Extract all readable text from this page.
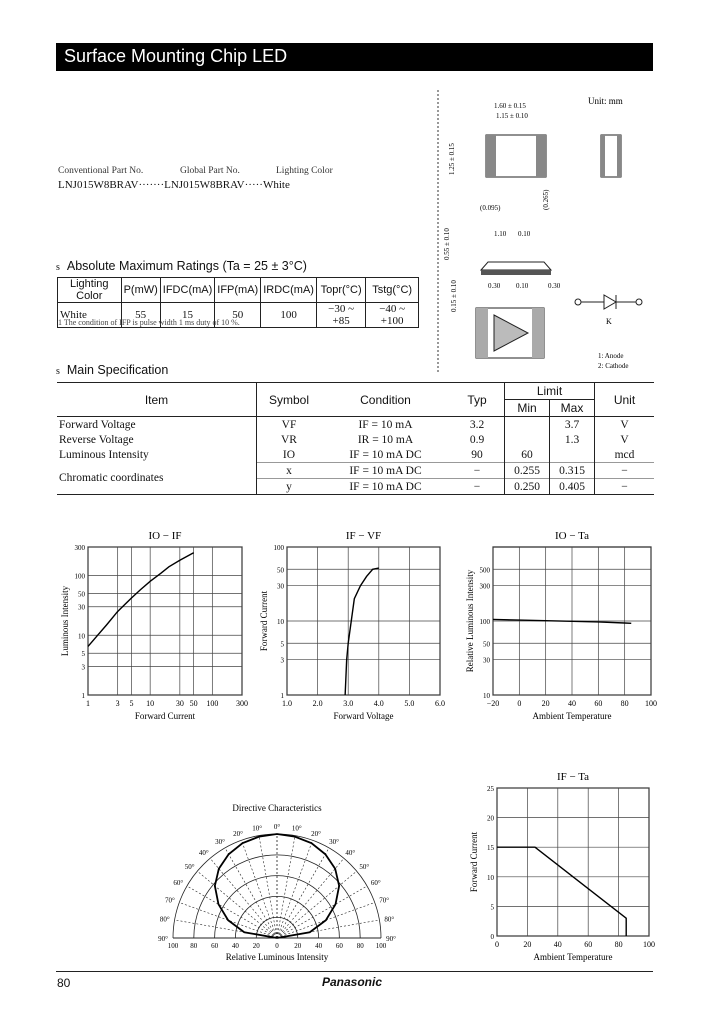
Surface Mounting Chip LED
Conventional Part No.	Global Part No.	Lighting Color
LNJ015W8BRAV·······LNJ015W8BRAV·····White
s Absolute Maximum Ratings (Ta = 25 ± 3°C)
Lighting Color	P(mW)	IFDC(mA)	IFP(mA)	IRDC(mA)	Topr(°C)	Tstg(°C)
White	55	15	50	100	−30 ~ +85	−40 ~ +100
1 The condition of IFP is pulse width 1 ms duty of 10 %.
s Main Specification
Item	Symbol	Condition	Typ	Limit		Unit
				Min	Max	
Forward Voltage	VF	IF = 10 mA	3.2		3.7	V
Reverse Voltage	VR	IR = 10 mA	0.9		1.3	V
Luminous Intensity	IO	IF = 10 mA DC	90	60		mcd
Chromatic coordinates	x	IF = 10 mA DC	−	0.255	0.315	−
	y	IF = 10 mA DC	−	0.250	0.405	−
Unit: mm
1.60 ± 0.15
1.15 ± 0.10
1.25 ± 0.15
(0.095)	(0.265)
0.55 ± 0.10	1.10 0.10
0.30	0.30
0.10
0.15 ± 0.10
K
1: Anode
2: Cathode
1	3 5 10	30 50 100 300
1
3
5
10
30
50
100
300
IO − IF
Forward Current
Luminous Intensity
1.0	2.0	3.0	4.0	5.0	6.0
1
3
5
10
30
50
100
IF − VF
Forward Voltage
Forward Current
−20 0	20 40 60 80 100
10
30
50
100
300
500
IO − Ta
Ambient Temperature
Relative Luminous Intensity
0	20	40	60	80	100
0
5
10
15
20
25
IF − Ta
Ambient Temperature
Forward Current
Directive Characteristics
0° 10°
10°
20°
20°
30°
30°
40°
40°
50°
50°
60°
60°
70°
70°
80°
80°
90°
90°
100 80 60 40 20 0 20 40 60 80 100
Relative Luminous Intensity
80	Panasonic
